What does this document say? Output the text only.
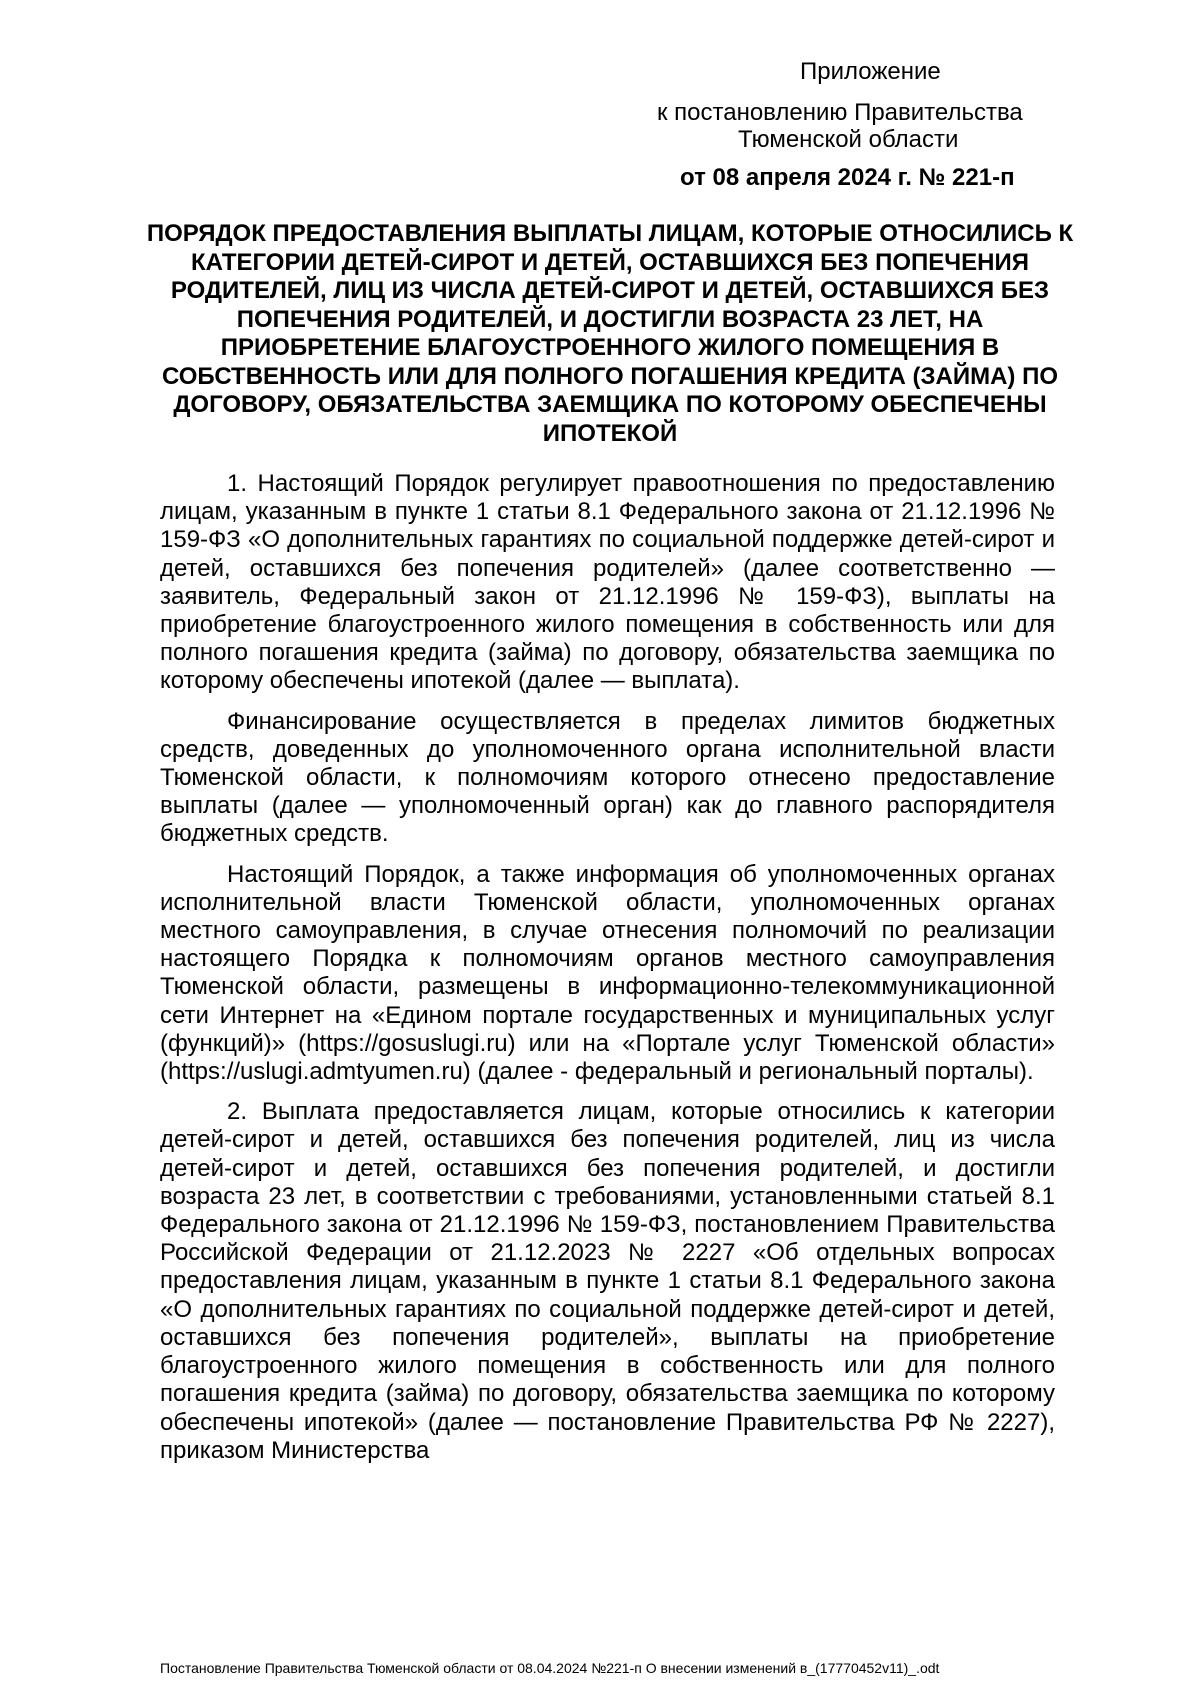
Приложение
к постановлению Правительства
Тюменской области
от 08 апреля 2024 г. № 221-п
ПОРЯДОК ПРЕДОСТАВЛЕНИЯ ВЫПЛАТЫ ЛИЦАМ, КОТОРЫЕ ОТНОСИЛИСЬ К КАТЕГОРИИ ДЕТЕЙ-СИРОТ И ДЕТЕЙ, ОСТАВШИХСЯ БЕЗ ПОПЕЧЕНИЯ РОДИТЕЛЕЙ, ЛИЦ ИЗ ЧИСЛА ДЕТЕЙ-СИРОТ И ДЕТЕЙ, ОСТАВШИХСЯ БЕЗ ПОПЕЧЕНИЯ РОДИТЕЛЕЙ, И ДОСТИГЛИ ВОЗРАСТА 23 ЛЕТ, НА ПРИОБРЕТЕНИЕ БЛАГОУСТРОЕННОГО ЖИЛОГО ПОМЕЩЕНИЯ В СОБСТВЕННОСТЬ ИЛИ ДЛЯ ПОЛНОГО ПОГАШЕНИЯ КРЕДИТА (ЗАЙМА) ПО ДОГОВОРУ, ОБЯЗАТЕЛЬСТВА ЗАЕМЩИКА ПО КОТОРОМУ ОБЕСПЕЧЕНЫ ИПОТЕКОЙ

1. Настоящий Порядок регулирует правоотношения по предоставлению лицам, указанным в пункте 1 статьи 8.1 Федерального закона от 21.12.1996 № 159-ФЗ «О дополнительных гарантиях по социальной поддержке детей-сирот и детей, оставшихся без попечения родителей» (далее соответственно — заявитель, Федеральный закон от 21.12.1996 № 159-ФЗ), выплаты на приобретение благоустроенного жилого помещения в собственность или для полного погашения кредита (займа) по договору, обязательства заемщика по которому обеспечены ипотекой (далее — выплата).

Финансирование осуществляется в пределах лимитов бюджетных средств, доведенных до уполномоченного органа исполнительной власти Тюменской области, к полномочиям которого отнесено предоставление выплаты (далее — уполномоченный орган) как до главного распорядителя бюджетных средств.

Настоящий Порядок, а также информация об уполномоченных органах исполнительной власти Тюменской области, уполномоченных органах местного самоуправления, в случае отнесения полномочий по реализации настоящего Порядка к полномочиям органов местного самоуправления Тюменской области, размещены в информационно-телекоммуникационной сети Интернет на «Едином портале государственных и муниципальных услуг (функций)» (https://gosuslugi.ru) или на «Портале услуг Тюменской области» (https://uslugi.admtyumen.ru) (далее - федеральный и региональный порталы).

2. Выплата предоставляется лицам, которые относились к категории детей-сирот и детей, оставшихся без попечения родителей, лиц из числа детей-сирот и детей, оставшихся без попечения родителей, и достигли возраста 23 лет, в соответствии с требованиями, установленными статьей 8.1 Федерального закона от 21.12.1996 № 159-ФЗ, постановлением Правительства Российской Федерации от 21.12.2023 № 2227 «Об отдельных вопросах предоставления лицам, указанным в пункте 1 статьи 8.1 Федерального закона «О дополнительных гарантиях по социальной поддержке детей-сирот и детей, оставшихся без попечения родителей», выплаты на приобретение благоустроенного жилого помещения в собственность или для полного погашения кредита (займа) по договору, обязательства заемщика по которому обеспечены ипотекой» (далее — постановление Правительства РФ № 2227), приказом Министерства

Постановление Правительства Тюменской области от 08.04.2024 №221-п О внесении изменений в_(17770452v11)_.odt
